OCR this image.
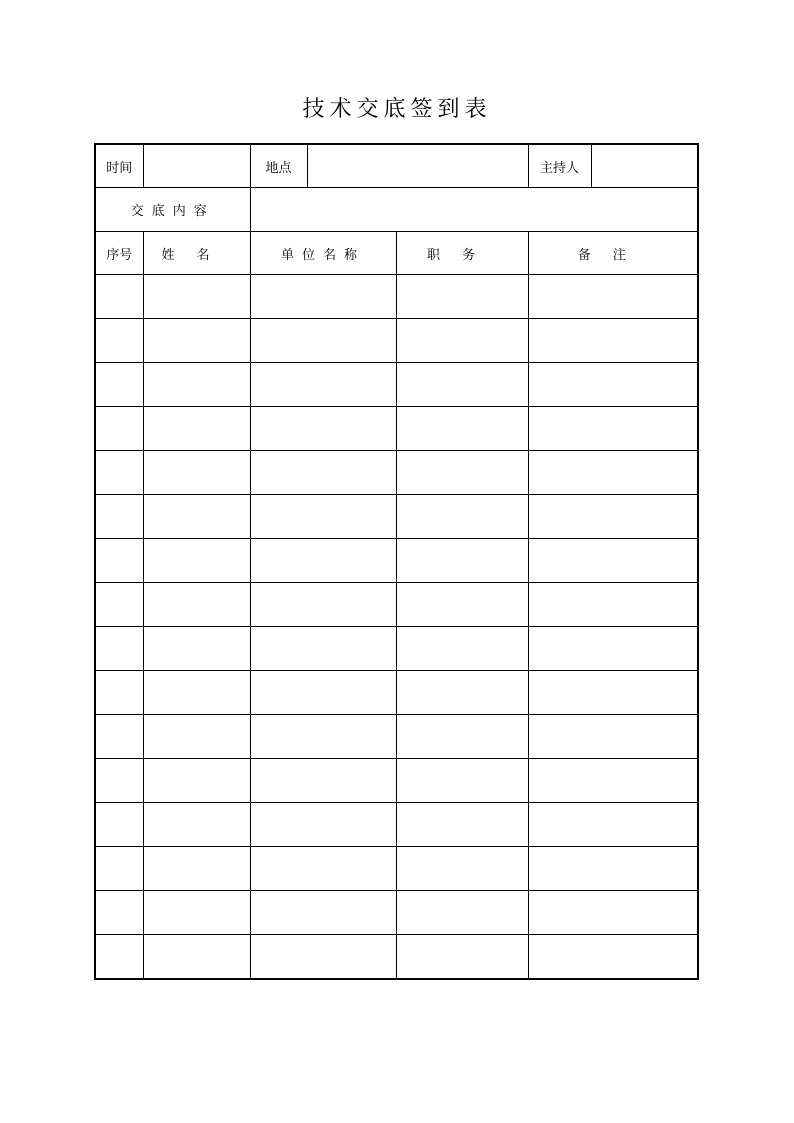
技术交底签到表
时间		地点			主持人	
交底内容						
序号	姓名	单位名称		职务	备注	
